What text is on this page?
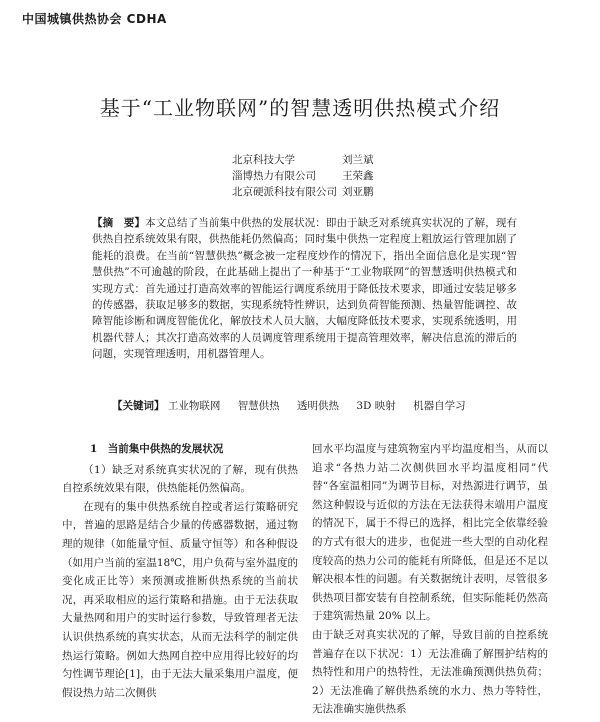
中国城镇供热协会 CDHA
基于“工业物联网”的智慧透明供热模式介绍
北京科技大学	刘兰斌
淄博热力有限公司	王荣鑫
北京硬派科技有限公司 刘亚鹏
【摘　要】本文总结了当前集中供热的发展状况：即由于缺乏对系统真实状况的了解，现有供热自控系统效果有限，供热能耗仍然偏高；同时集中供热一定程度上粗放运行管理加剧了能耗的浪费。在当前“智慧供热”概念被一定程度炒作的情况下，指出全面信息化是实现“智慧供热”不可逾越的阶段，在此基础上提出了一种基于“工业物联网”的智慧透明供热模式和实现方式：首先通过打造高效率的智能运行调度系统用于降低技术要求，即通过安装足够多的传感器，获取足够多的数据，实现系统特性辨识，达到负荷智能预测、热量智能调控、故障智能诊断和调度智能优化，解放技术人员大脑，大幅度降低技术要求，实现系统透明，用机器代替人；其次打造高效率的人员调度管理系统用于提高管理效率，解决信息流的滞后的问题，实现管理透明，用机器管理人。
【关键词】 工业物联网 智慧供热 透明供热 3D 映射 机器自学习
1　当前集中供热的发展状况

（1）缺乏对系统真实状况的了解，现有供热自控系统效果有限，供热能耗仍然偏高。

在现有的集中供热系统自控或者运行策略研究中，普遍的思路是结合少量的传感器数据，通过物理的规律（如能量守恒、质量守恒等）和各种假设（如用户当前的室温18℃，用户负荷与室外温度的变化成正比等）来预测或推断供热系统的当前状况，再采取相应的运行策略和措施。由于无法获取大量热网和用户的实时运行参数，导致管理者无法认识供热系统的真实状态，从而无法科学的制定供热运行策略。例如大热网自控中应用得比较好的均匀性调节理论[1]，由于无法大量采集用户温度，便假设热力站二次侧供

回水平均温度与建筑物室内平均温度相当，从而以追求“各热力站二次侧供回水平均温度相同”代替“各室温相同”为调节目标，对热源进行调节，虽然这种假设与近似的方法在无法获得末端用户温度的情况下，属于不得已的选择，相比完全依靠经验的方式有很大的进步，也促进一些大型的自动化程度较高的热力公司的能耗有所降低，但是还不足以解决根本性的问题。有关数据统计表明，尽管很多供热项目都安装有自控制系统，但实际能耗仍然高于建筑需热量 20% 以上。

由于缺乏对真实状况的了解，导致目前的自控系统普遍存在以下状况：1）无法准确了解围护结构的热特性和用户的热特性，无法准确预测供热负荷；2）无法准确了解供热系统的水力、热力等特性，无法准确实施供热系
